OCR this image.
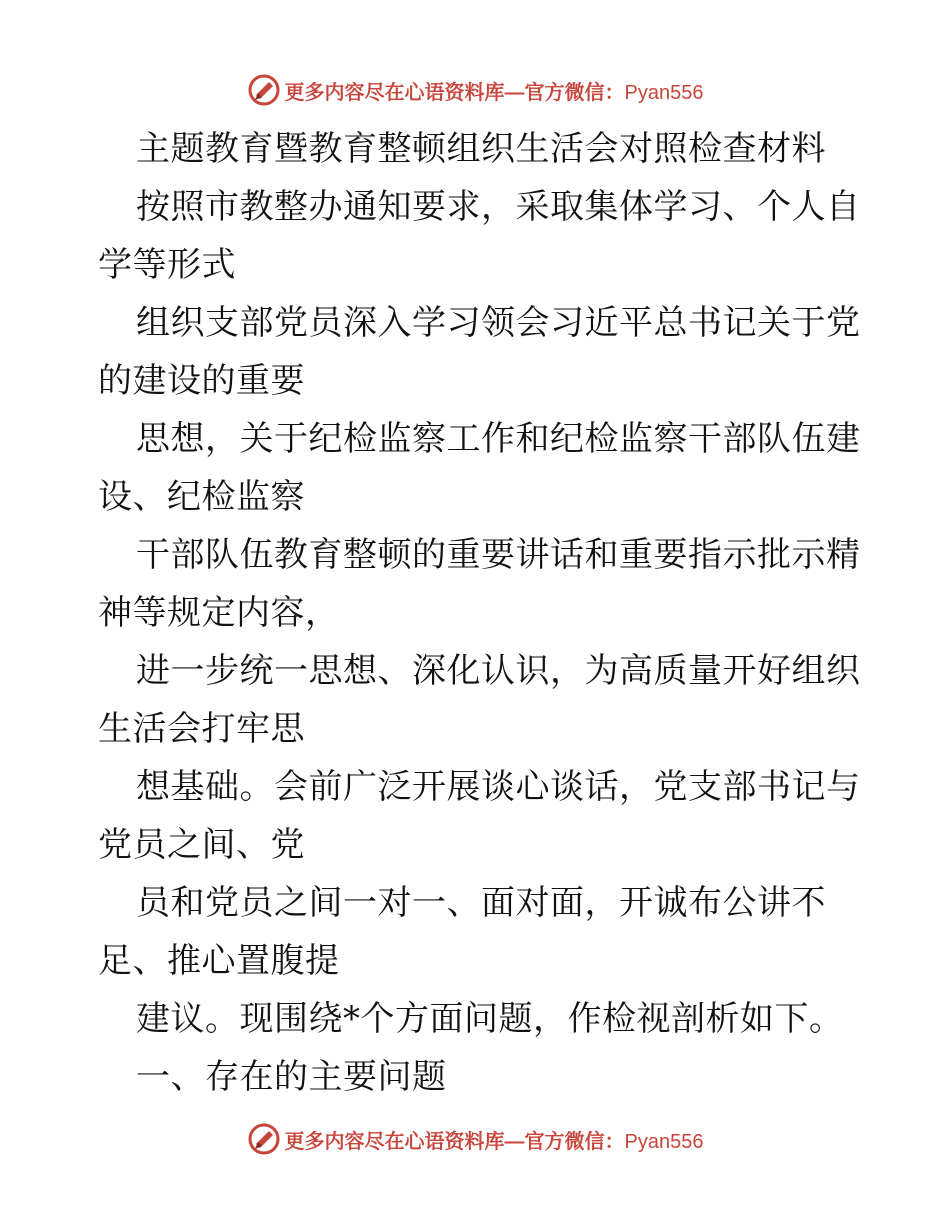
更多内容尽在心语资料库—官方微信：Pyan556
主题教育暨教育整顿组织生活会对照检查材料
按照市教整办通知要求，采取集体学习、个人自
学等形式
组织支部党员深入学习领会习近平总书记关于党
的建设的重要
思想，关于纪检监察工作和纪检监察干部队伍建
设、纪检监察
干部队伍教育整顿的重要讲话和重要指示批示精
神等规定内容，
进一步统一思想、深化认识，为高质量开好组织
生活会打牢思
想基础。会前广泛开展谈心谈话，党支部书记与
党员之间、党
员和党员之间一对一、面对面，开诚布公讲不
足、推心置腹提
建议。现围绕*个方面问题，作检视剖析如下。
一、存在的主要问题
更多内容尽在心语资料库—官方微信：Pyan556
